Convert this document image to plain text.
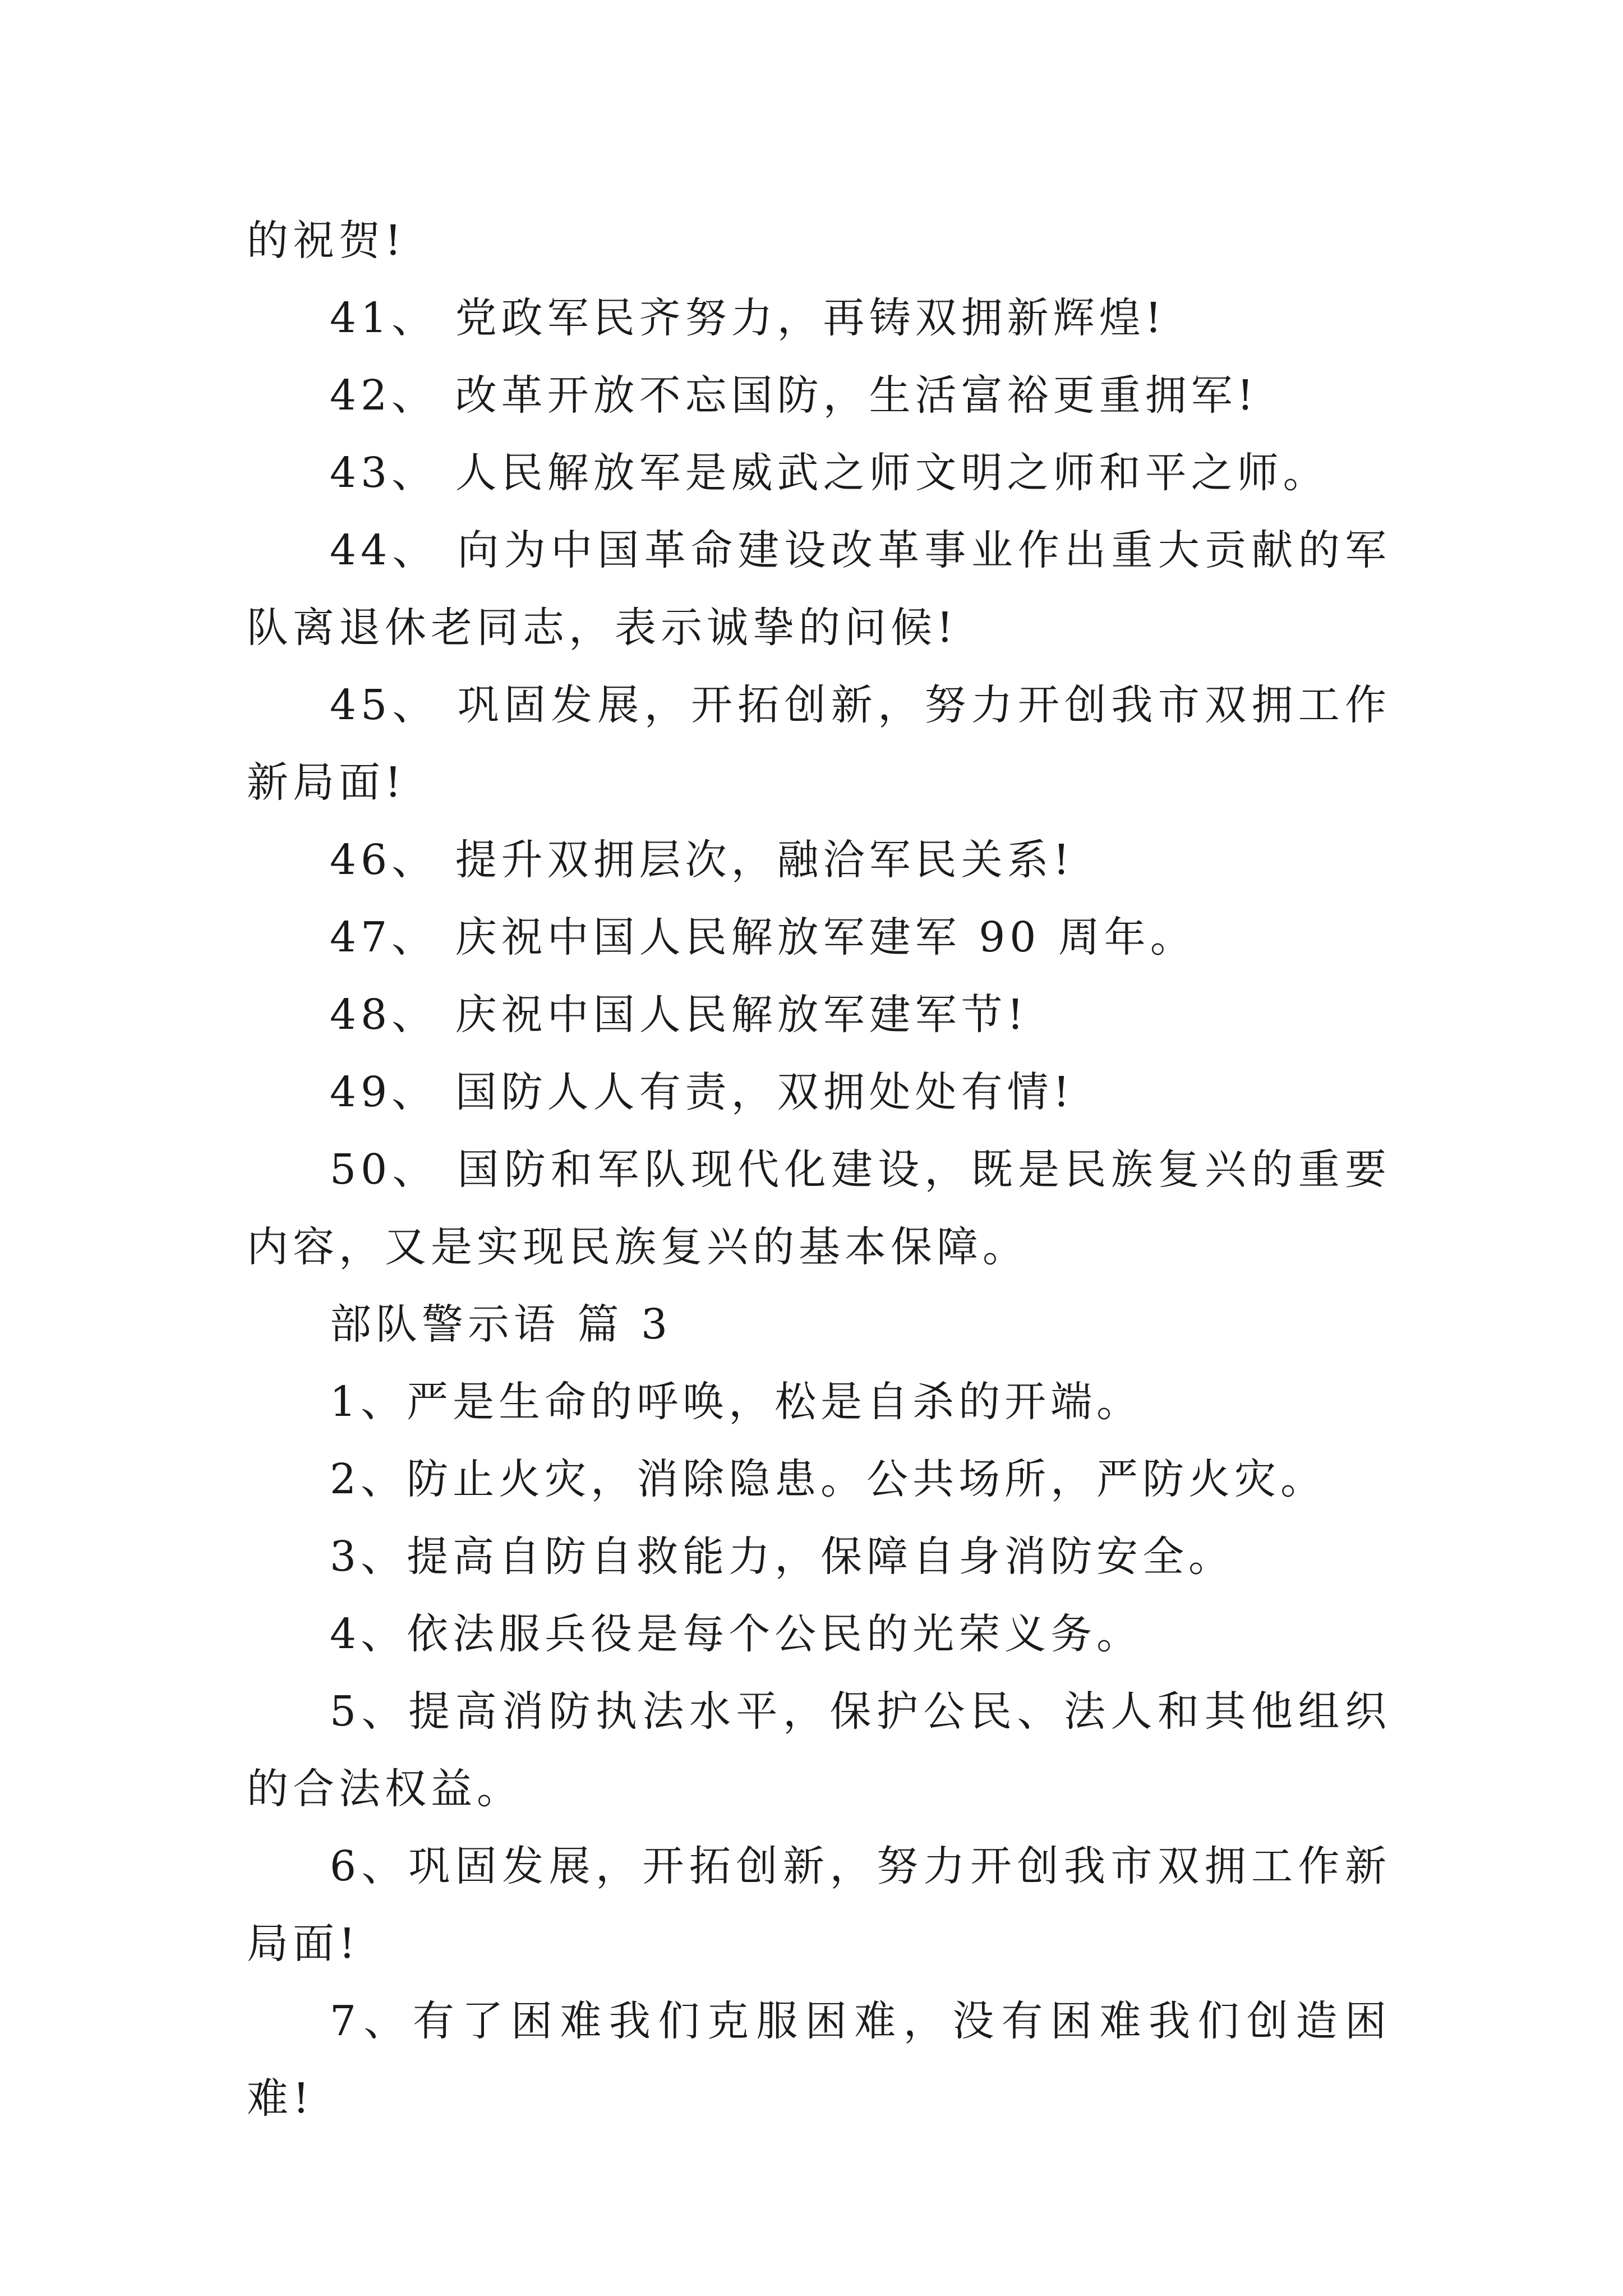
的祝贺!

41、 党政军民齐努力，再铸双拥新辉煌!

42、 改革开放不忘国防，生活富裕更重拥军!

43、 人民解放军是威武之师文明之师和平之师。

44、 向为中国革命建设改革事业作出重大贡献的军队离退休老同志，表示诚挚的问候!

45、 巩固发展，开拓创新，努力开创我市双拥工作新局面!

46、 提升双拥层次，融洽军民关系!

47、 庆祝中国人民解放军建军 90 周年。

48、 庆祝中国人民解放军建军节!

49、 国防人人有责，双拥处处有情!

50、 国防和军队现代化建设，既是民族复兴的重要内容，又是实现民族复兴的基本保障。

部队警示语 篇 3

1、严是生命的呼唤，松是自杀的开端。

2、防止火灾，消除隐患。公共场所，严防火灾。

3、提高自防自救能力，保障自身消防安全。

4、依法服兵役是每个公民的光荣义务。

5、提高消防执法水平，保护公民、法人和其他组织的合法权益。

6、巩固发展，开拓创新，努力开创我市双拥工作新局面!

7、有了困难我们克服困难，没有困难我们创造困难!
